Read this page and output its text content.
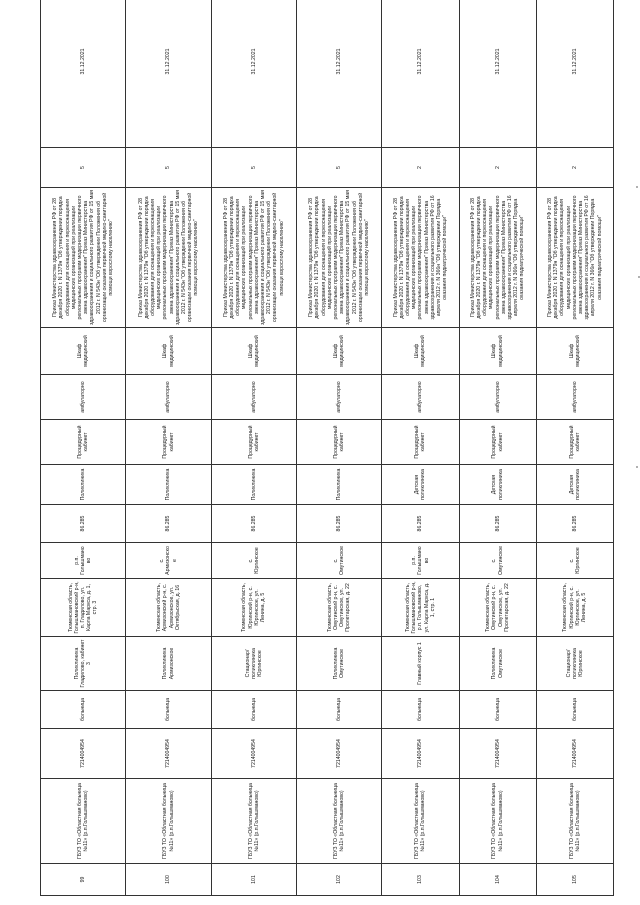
99	ГБУЗ ТО «Областная больница №11» (р.п.Голышманово)	7214004954	больница	Поликлиника Гладилово, кабинет 3	Тюменская область, Голышмановский р-н, п. Гладилово, ул. Карла Маркса, д. 1, стр. 3	р.п. Голышманово	86.285	Поликлиника	Процедурный кабинет	амбулаторно	Шкаф медицинский	Приказ Министерства здравоохранения РФ от 28 декабря 2020 г. N 1379н "Об утверждении порядка оборудования для оснащения и переоснащения медицинских организаций при реализации региональных программ модернизации первичного звена здравоохранения" Приказ Министерства здравоохранения и социального развития РФ от 15 мая 2012 г. N 543н "Об утверждении Положения об организации оказания первичной медико-санитарной помощи взрослому населению"	5	31.12.2021
100	ГБУЗ ТО «Областная больница №11» (р.п.Голышманово)	7214004954	больница	Поликлиника Армизонское	Тюменская область, Армизонский р-н, с. Армизонское, ул. Октябрьская, д. 16	с. Армизонское	86.285	Поликлиника	Процедурный кабинет	амбулаторно	Шкаф медицинский	Приказ Министерства здравоохранения РФ от 28 декабря 2020 г. N 1379н "Об утверждении порядка оборудования для оснащения и переоснащения медицинских организаций при реализации региональных программ модернизации первичного звена здравоохранения" Приказ Министерства здравоохранения и социального развития РФ от 15 мая 2012 г. N 543н "Об утверждении Положения об организации оказания первичной медико-санитарной помощи взрослому населению"	5	31.12.2021
101	ГБУЗ ТО «Областная больница №11» (р.п.Голышманово)	7214004954	больница	Стационар/поликлиника Юргинское	Тюменская область, Юргинский р-н, с. Юргинское, ул. Ленина, д. 5	с. Юргинское	86.285	Поликлиника	Процедурный кабинет	амбулаторно	Шкаф медицинский	Приказ Министерства здравоохранения РФ от 28 декабря 2020 г. N 1379н "Об утверждении порядка оборудования для оснащения и переоснащения медицинских организаций при реализации региональных программ модернизации первичного звена здравоохранения" Приказ Министерства здравоохранения и социального развития РФ от 15 мая 2012 г. N 543н "Об утверждении Положения об организации оказания первичной медико-санитарной помощи взрослому населению"	5	31.12.2021
102	ГБУЗ ТО «Областная больница №11» (р.п.Голышманово)	7214004954	больница	Поликлиника Омутинское	Тюменская область, Омутинский р-н, с. Омутинское, ул. Пролетарская, д. 22	с. Омутинское	86.285	Поликлиника	Процедурный кабинет	амбулаторно	Шкаф медицинский	Приказ Министерства здравоохранения РФ от 28 декабря 2020 г. N 1379н "Об утверждении порядка оборудования для оснащения и переоснащения медицинских организаций при реализации региональных программ модернизации первичного звена здравоохранения" Приказ Министерства здравоохранения и социального развития РФ от 15 мая 2012 г. N 543н "Об утверждении Положения об организации оказания первичной медико-санитарной помощи взрослому населению"	5	31.12.2021
103	ГБУЗ ТО «Областная больница №11» (р.п.Голышманово)	7214004954	больница	Главный корпус 1	Тюменская область, Голышмановский р-н, р.п. Голышманово, ул. Карла Маркса, д. 1, стр. 1	р.п. Голышманово	86.285	Детская поликлиника	Процедурный кабинет	амбулаторно	Шкаф медицинский	Приказ Министерства здравоохранения РФ от 28 декабря 2020 г. N 1379н "Об утверждении порядка оборудования для оснащения и переоснащения медицинских организаций при реализации региональных программ модернизации первичного звена здравоохранения" Приказ Министерства здравоохранения и социального развития РФ от 16 апреля 2012 г. N 366н "Об утверждении Порядка оказания педиатрической помощи"	2	31.12.2021
104	ГБУЗ ТО «Областная больница №11» (р.п.Голышманово)	7214004954	больница	Поликлиника Омутинское	Тюменская область, Омутинский р-н, с. Омутинское, ул. Пролетарская, д. 22	с. Омутинское	86.285	Детская поликлиника	Процедурный кабинет	амбулаторно	Шкаф медицинский	Приказ Министерства здравоохранения РФ от 28 декабря 2020 г. N 1379н "Об утверждении порядка оборудования для оснащения и переоснащения медицинских организаций при реализации региональных программ модернизации первичного звена здравоохранения" Приказ Министерства здравоохранения и социального развития РФ от 16 апреля 2012 г. N 366н "Об утверждении Порядка оказания педиатрической помощи"	2	31.12.2021
105	ГБУЗ ТО «Областная больница №11» (р.п.Голышманово)	7214004954	больница	Стационар/поликлиника Юргинское	Тюменская область, Юргинский р-н, с. Юргинское, ул. Ленина, д. 5	с. Юргинское	86.285	Детская поликлиника	Процедурный кабинет	амбулаторно	Шкаф медицинский	Приказ Министерства здравоохранения РФ от 28 декабря 2020 г. N 1379н "Об утверждении порядка оборудования для оснащения и переоснащения медицинских организаций при реализации региональных программ модернизации первичного звена здравоохранения" Приказ Министерства здравоохранения и социального развития РФ от 16 апреля 2012 г. N 366н "Об утверждении Порядка оказания педиатрической помощи"	2	31.12.2021
